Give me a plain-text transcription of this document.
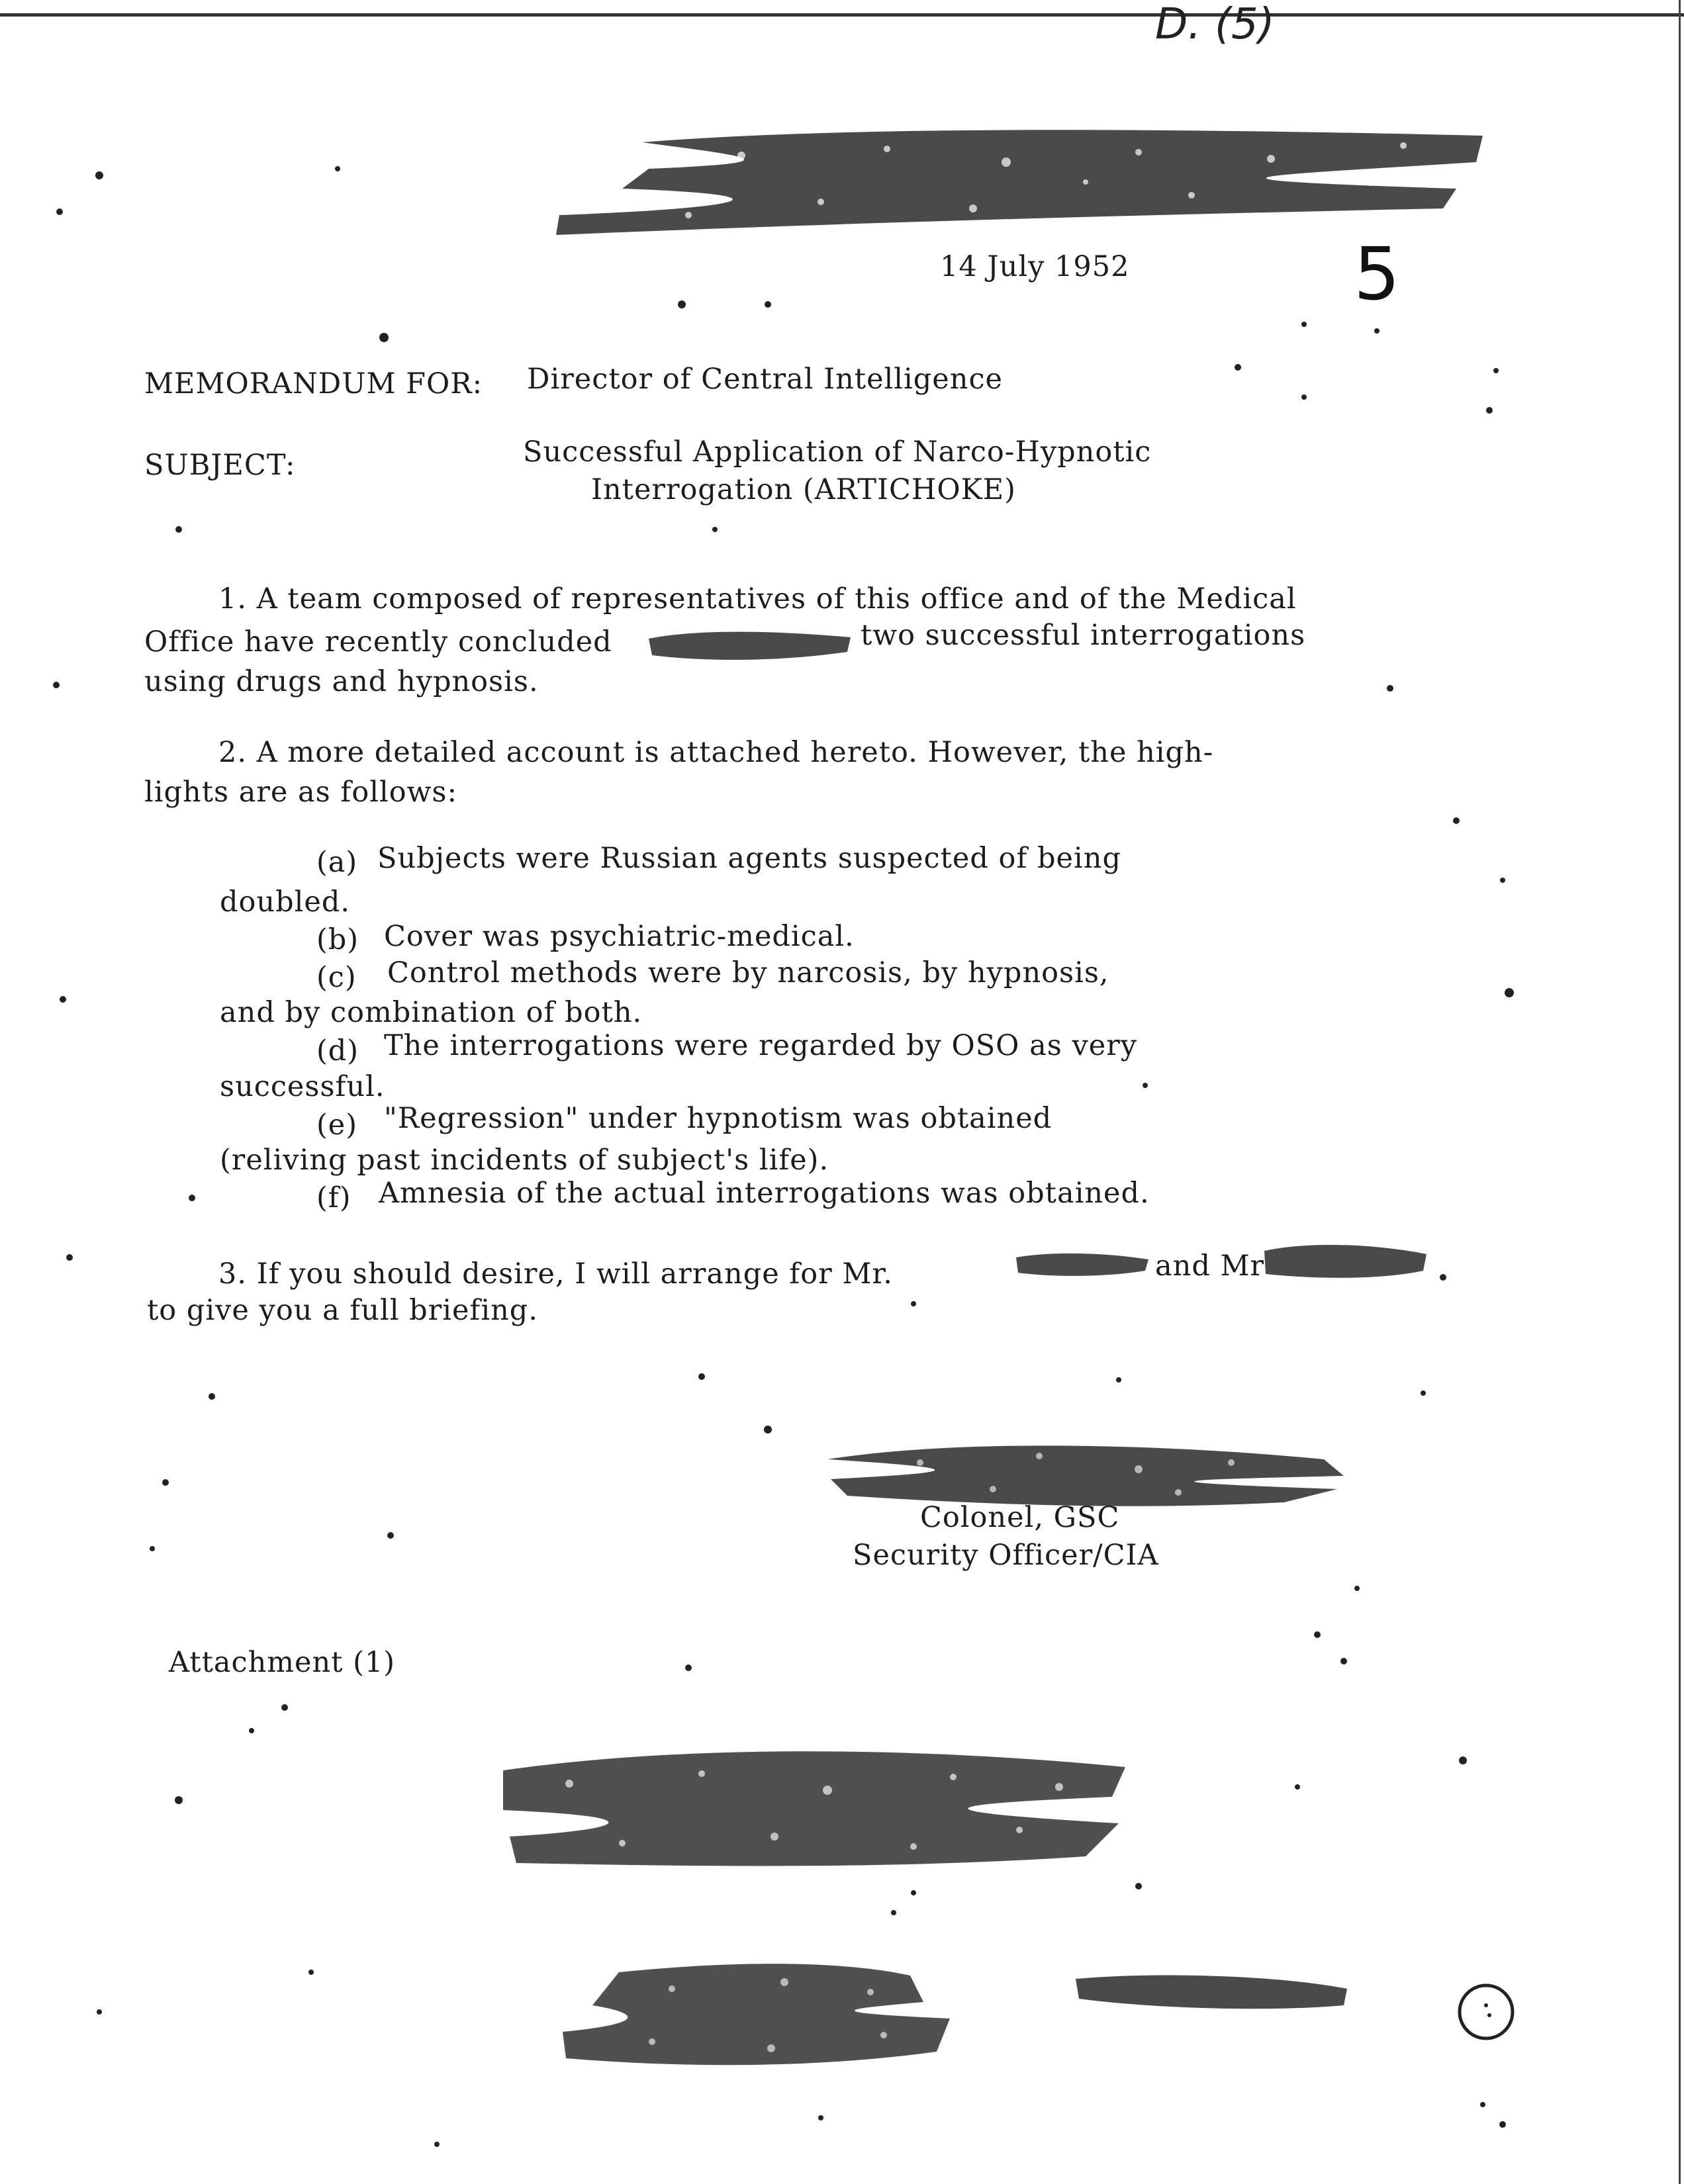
D. (5)
14 July 1952	5
MEMORANDUM FOR: Director of Central Intelligence
SUBJECT:	Successful Application of Narco-Hypnotic
Interrogation (ARTICHOKE)
1. A team composed of representatives of this office and of the Medical
Office have recently concluded	two successful interrogations
using drugs and hypnosis.
2. A more detailed account is attached hereto. However, the high-
lights are as follows:
(a) Subjects were Russian agents suspected of being
doubled.
(b) Cover was psychiatric-medical.
(c) Control methods were by narcosis, by hypnosis,
and by combination of both.
(d) The interrogations were regarded by OSO as very
successful.
(e) "Regression" under hypnotism was obtained
(reliving past incidents of subject's life).
(f) Amnesia of the actual interrogations was obtained.
3. If you should desire, I will arrange for Mr.	and Mr
to give you a full briefing.
Colonel, GSC
Security Officer/CIA
Attachment (1)
